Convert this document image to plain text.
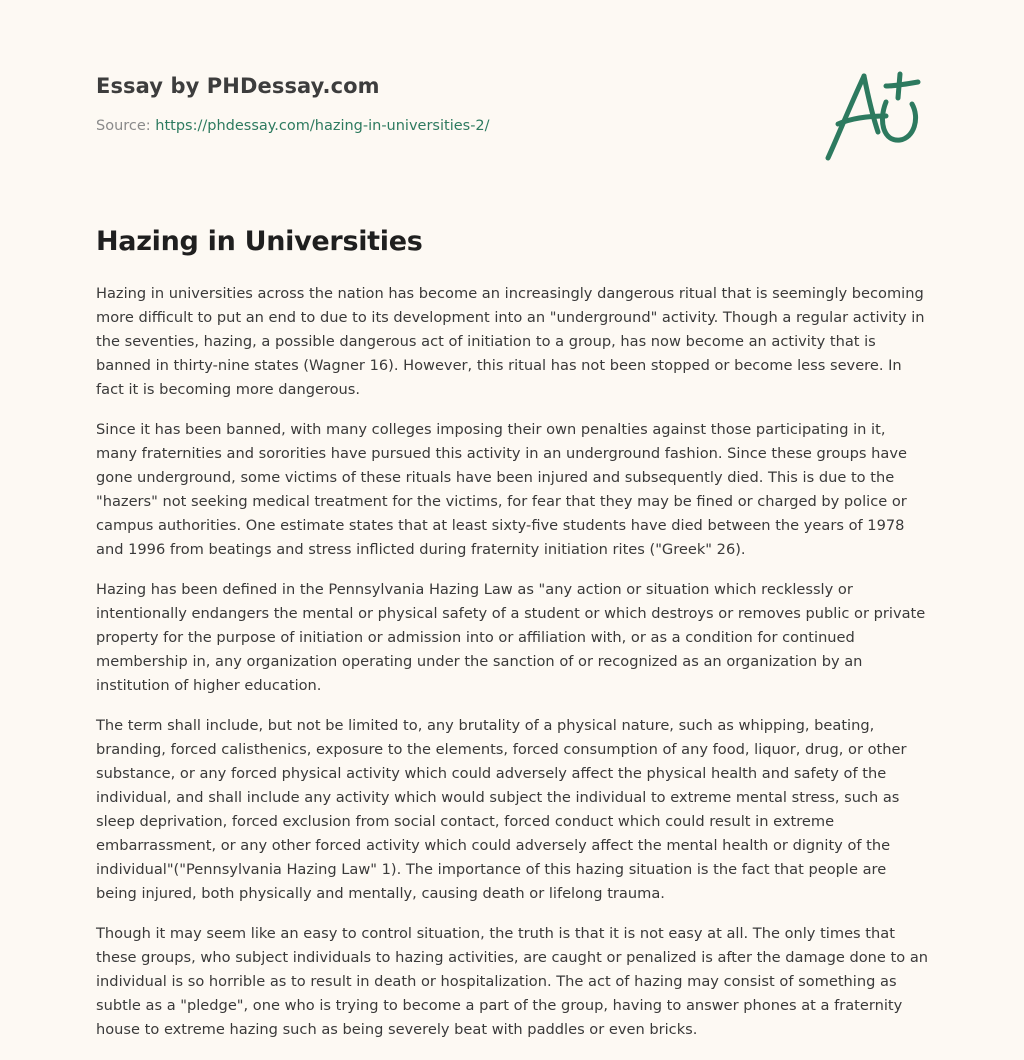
Essay by PHDessay.com
Source: https://phdessay.com/hazing-in-universities-2/
Hazing in Universities

Hazing in universities across the nation has become an increasingly dangerous ritual that is seemingly becoming more difficult to put an end to due to its development into an "underground" activity. Though a regular activity in the seventies, hazing, a possible dangerous act of initiation to a group, has now become an activity that is banned in thirty-nine states (Wagner 16). However, this ritual has not been stopped or become less severe. In fact it is becoming more dangerous.

Since it has been banned, with many colleges imposing their own penalties against those participating in it, many fraternities and sororities have pursued this activity in an underground fashion. Since these groups have gone underground, some victims of these rituals have been injured and subsequently died. This is due to the "hazers" not seeking medical treatment for the victims, for fear that they may be fined or charged by police or campus authorities. One estimate states that at least sixty-five students have died between the years of 1978 and 1996 from beatings and stress inflicted during fraternity initiation rites ("Greek" 26).

Hazing has been defined in the Pennsylvania Hazing Law as "any action or situation which recklessly or intentionally endangers the mental or physical safety of a student or which destroys or removes public or private property for the purpose of initiation or admission into or affiliation with, or as a condition for continued membership in, any organization operating under the sanction of or recognized as an organization by an institution of higher education.

The term shall include, but not be limited to, any brutality of a physical nature, such as whipping, beating, branding, forced calisthenics, exposure to the elements, forced consumption of any food, liquor, drug, or other substance, or any forced physical activity which could adversely affect the physical health and safety of the individual, and shall include any activity which would subject the individual to extreme mental stress, such as sleep deprivation, forced exclusion from social contact, forced conduct which could result in extreme embarrassment, or any other forced activity which could adversely affect the mental health or dignity of the individual"("Pennsylvania Hazing Law" 1). The importance of this hazing situation is the fact that people are being injured, both physically and mentally, causing death or lifelong trauma.

Though it may seem like an easy to control situation, the truth is that it is not easy at all. The only times that these groups, who subject individuals to hazing activities, are caught or penalized is after the damage done to an individual is so horrible as to result in death or hospitalization. The act of hazing may consist of something as subtle as a "pledge", one who is trying to become a part of the group, having to answer phones at a fraternity house to extreme hazing such as being severely beat with paddles or even bricks.
